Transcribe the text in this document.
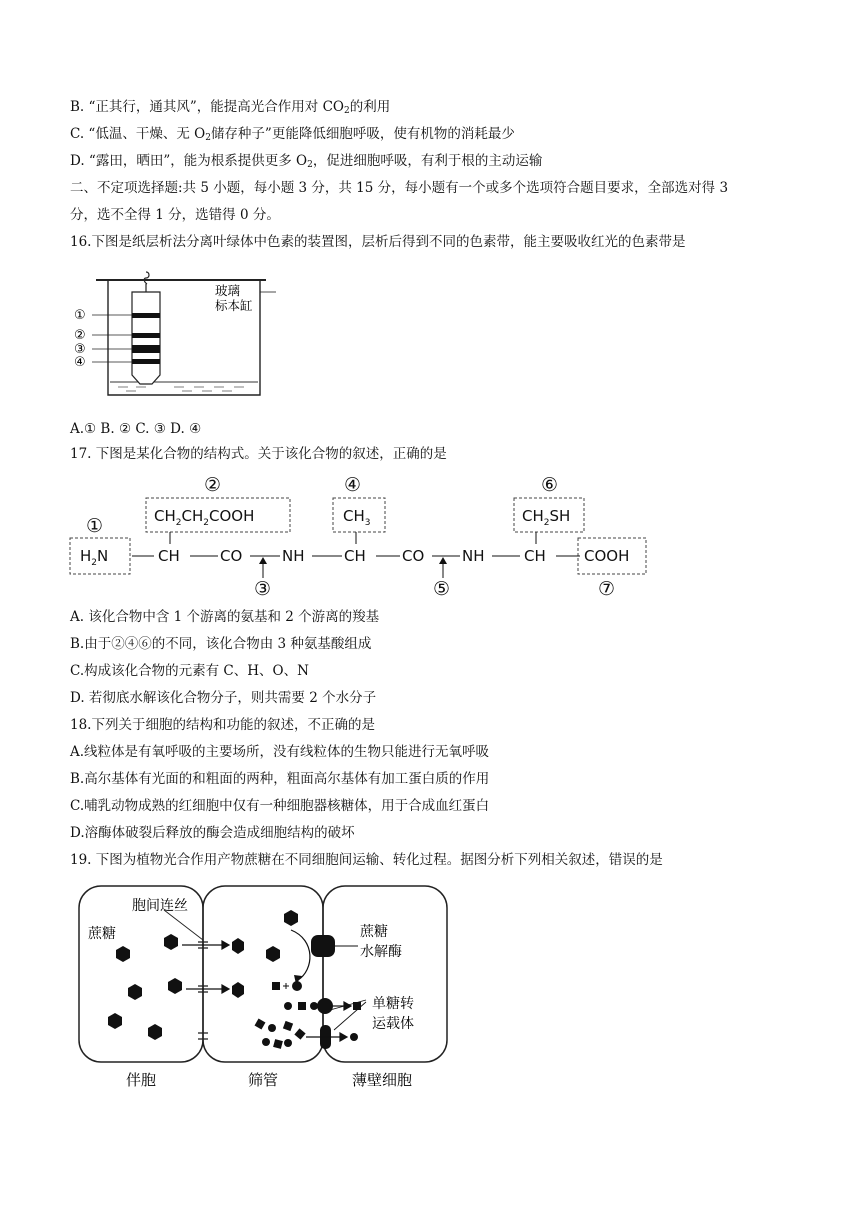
B. “正其行，通其风”，能提高光合作用对 $CO_2$的利用
C. “低温、干燥、无 $O_2$储存种子”更能降低细胞呼吸，使有机物的消耗最少
D. “露田，晒田”，能为根系提供更多 $O_2$，促进细胞呼吸，有利于根的主动运输
二、不定项选择题:共 5 小题，每小题 3 分，共 15 分，每小题有一个或多个选项符合题目要求，全部选对得 3
分，选不全得 1 分，选错得 0 分。
16.下图是纸层析法分离叶绿体中色素的装置图，层析后得到不同的色素带，能主要吸收红光的色素带是
①
②
③
④
玻璃
标本缸
A.① B. ② C. ③ D. ④
17. 下图是某化合物的结构式。关于该化合物的叙述，正确的是
②	④	⑥
①
③	⑤	⑦
$CH_2CH_2COOH$	$CH_3$	$CH_2SH$
$H_2N$	CH	CO	NH	CH CO	NH	CH	COOH
A. 该化合物中含 1 个游离的氨基和 2 个游离的羧基
B.由于②④⑥的不同，该化合物由 3 种氨基酸组成
C.构成该化合物的元素有 C、H、O、N
D. 若彻底水解该化合物分子，则共需要 2 个水分子
18.下列关于细胞的结构和功能的叙述，不正确的是
A.线粒体是有氧呼吸的主要场所，没有线粒体的生物只能进行无氧呼吸
B.高尔基体有光面的和粗面的两种，粗面高尔基体有加工蛋白质的作用
C.哺乳动物成熟的红细胞中仅有一种细胞器核糖体，用于合成血红蛋白
D.溶酶体破裂后释放的酶会造成细胞结构的破坏
19. 下图为植物光合作用产物蔗糖在不同细胞间运输、转化过程。据图分析下列相关叙述，错误的是
胞间连丝
蔗糖	蔗糖
水解酶
单糖转
运载体
伴胞	筛管	薄壁细胞
